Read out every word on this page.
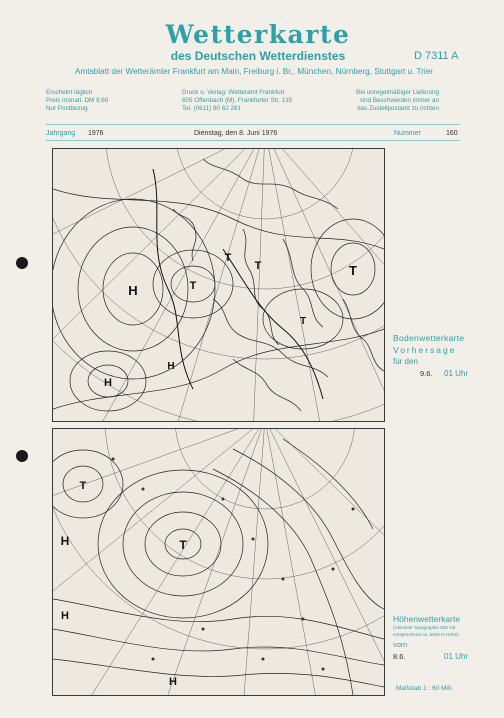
Wetterkarte
des Deutschen Wetterdienstes	D 7311 A
Amtsblatt der Wetterämter Frankfurt am Main, Freiburg i. Br., München, Nürnberg, Stuttgart u. Trier
Erscheint täglich
Preis monatl. DM 9,60
Nur Postbezug
Druck u. Verlag: Wetteramt Frankfurt
605 Offenbach (M), Frankfurter Str. 135
Tel. (0611) 80 62 281
Bei unregelmäßiger Lieferung
sind Beschwerden immer an
das Zustellpostamt zu richten
Jahrgang 1976	Dienstag, den 8. Juni 1976	Nummer	160
H
H
T
T
T	T
T
H
H
H
T
T
H
Bodenwetterkarte
Vorhersage
für den
9.6. 01 Uhr
Höhenwetterkarte
(Absolute Topographie 500 mb
entsprechend ca. 5500 m Höhe)
vom
8.6.	01 Uhr
Maßstab 1 : 60 Mill.
